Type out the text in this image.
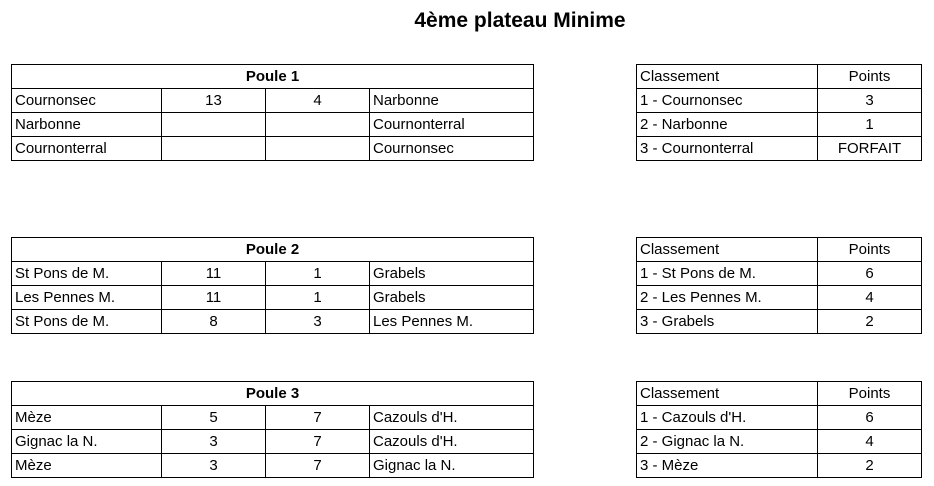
4ème plateau Minime
Poule 1			
Cournonsec	13	4	Narbonne
Narbonne			Cournonterral
Cournonterral			Cournonsec
Classement	Points
1 - Cournonsec	3
2 - Narbonne	1
3 - Cournonterral	FORFAIT
Poule 2			
St Pons de M.	11	1	Grabels
Les Pennes M.	11	1	Grabels
St Pons de M.	8	3	Les Pennes M.
Classement	Points
1 - St Pons de M.	6
2 - Les Pennes M.	4
3 - Grabels	2
Poule 3			
Mèze	5	7	Cazouls d'H.
Gignac la N.	3	7	Cazouls d'H.
Mèze	3	7	Gignac la N.
Classement	Points
1 - Cazouls d'H.	6
2 - Gignac la N.	4
3 - Mèze	2
